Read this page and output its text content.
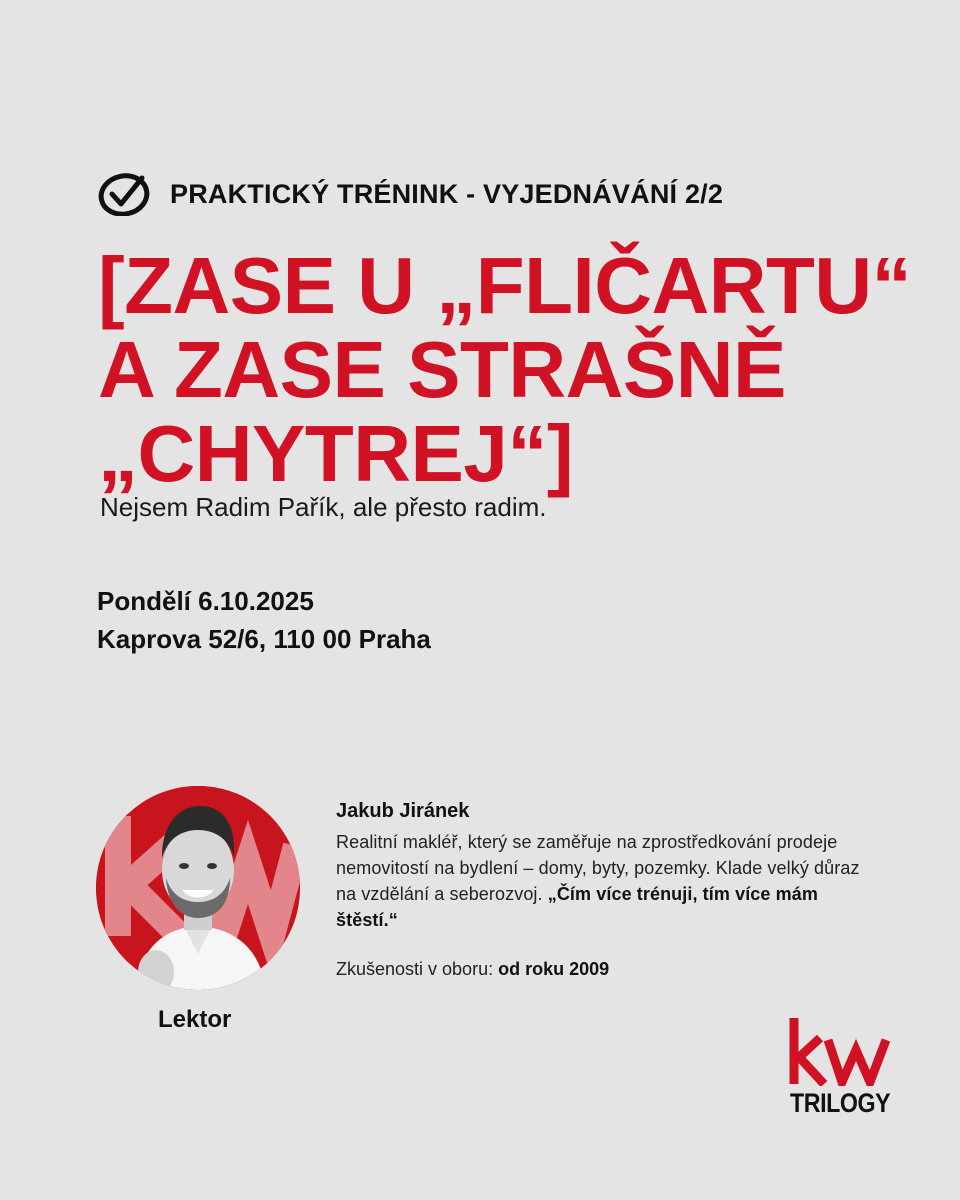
PRAKTICKÝ TRÉNINK - VYJEDNÁVÁNÍ 2/2
[ZASE U „FLIČARTU“
A ZASE STRAŠNĚ
„CHYTREJ“]
Nejsem Radim Pařík, ale přesto radim.
Pondělí 6.10.2025
Kaprova 52/6, 110 00 Praha
Lektor
Jakub Jiránek
Realitní makléř, který se zaměřuje na zprostředkování prodeje nemovitostí na bydlení – domy, byty, pozemky. Klade velký důraz na vzdělání a seberozvoj. „Čím více trénuji, tím více mám štěstí.“
Zkušenosti v oboru: od roku 2009
TRILOGY
